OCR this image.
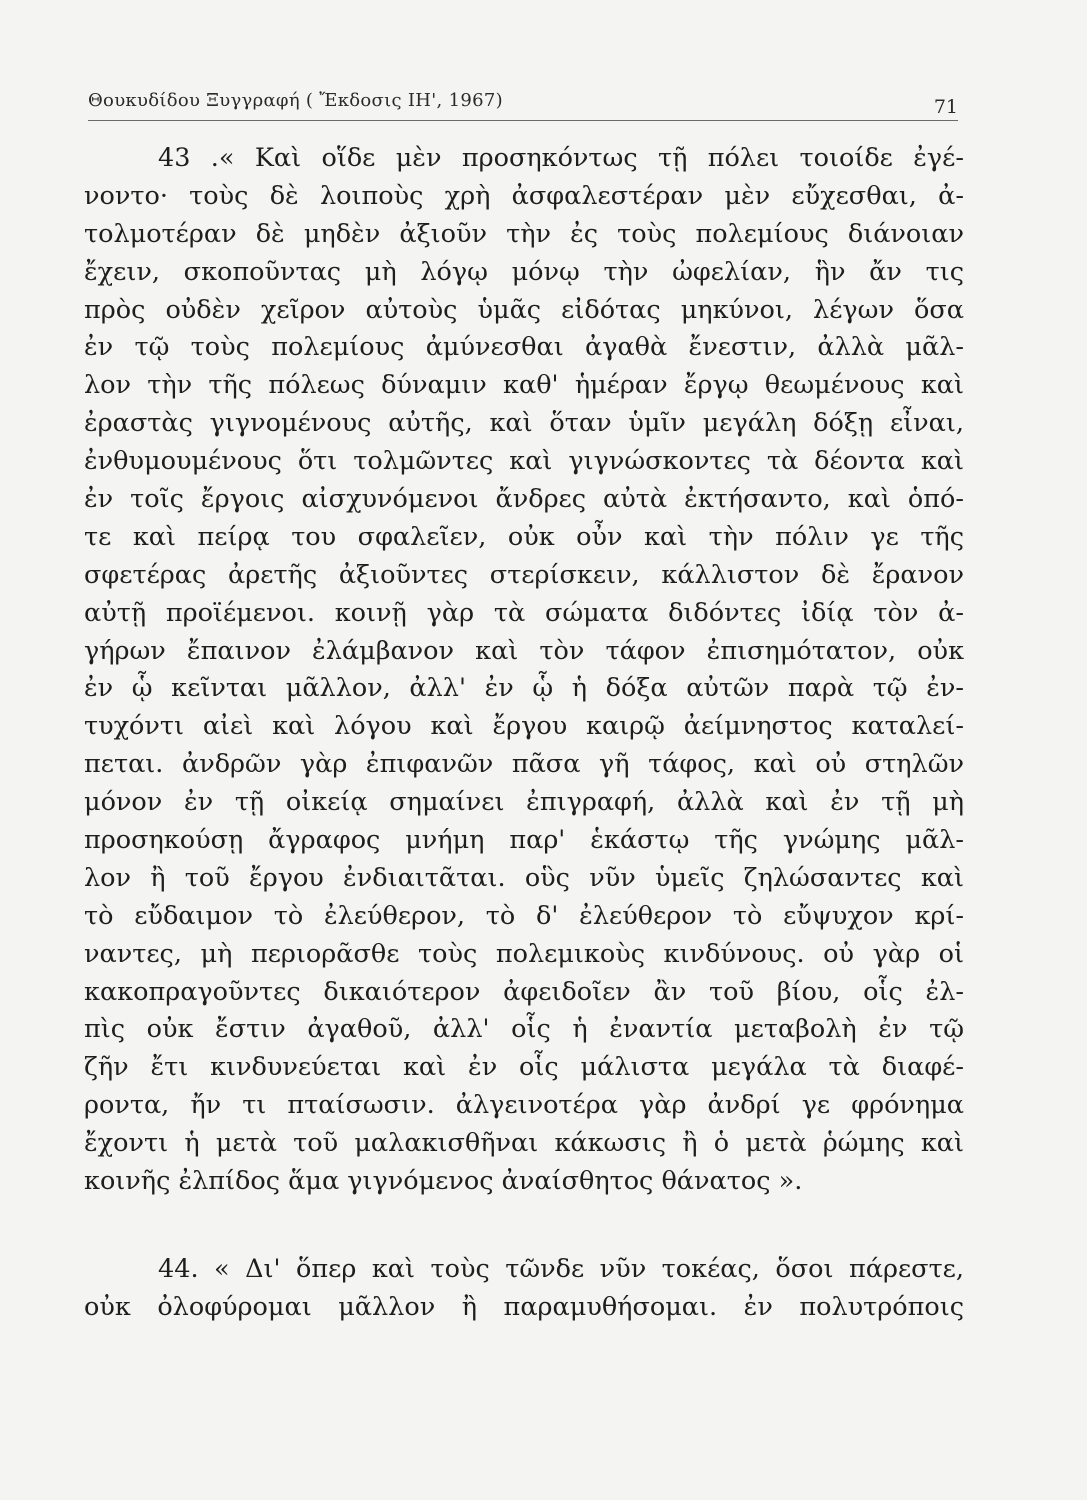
Θουκυδίδου Ξυγγραφή ( Ἔκδοσις ΙΗ', 1967)	71
43 .« Καὶ οἵδε μὲν προσηκόντως τῇ πόλει τοιοίδε ἐγέ-
νοντο· τοὺς δὲ λοιποὺς χρὴ ἀσφαλεστέραν μὲν εὔχεσθαι, ἀ-
τολμοτέραν δὲ μηδὲν ἀξιοῦν τὴν ἐς τοὺς πολεμίους διάνοιαν
ἔχειν, σκοποῦντας μὴ λόγῳ μόνῳ τὴν ὠφελίαν, ἣν ἄν τις
πρὸς οὐδὲν χεῖρον αὐτοὺς ὑμᾶς εἰδότας μηκύνοι, λέγων ὅσα
ἐν τῷ τοὺς πολεμίους ἀμύνεσθαι ἀγαθὰ ἔνεστιν, ἀλλὰ μᾶλ-
λον τὴν τῆς πόλεως δύναμιν καθ' ἡμέραν ἔργῳ θεωμένους καὶ
ἐραστὰς γιγνομένους αὐτῆς, καὶ ὅταν ὑμῖν μεγάλη δόξῃ εἶναι,
ἐνθυμουμένους ὅτι τολμῶντες καὶ γιγνώσκοντες τὰ δέοντα καὶ
ἐν τοῖς ἔργοις αἰσχυνόμενοι ἄνδρες αὐτὰ ἐκτήσαντο, καὶ ὁπό-
τε καὶ πείρᾳ του σφαλεῖεν, οὐκ οὖν καὶ τὴν πόλιν γε τῆς
σφετέρας ἀρετῆς ἀξιοῦντες στερίσκειν, κάλλιστον δὲ ἔρανον
αὐτῇ προϊέμενοι. κοινῇ γὰρ τὰ σώματα διδόντες ἰδίᾳ τὸν ἀ-
γήρων ἔπαινον ἐλάμβανον καὶ τὸν τάφον ἐπισημότατον, οὐκ
ἐν ᾧ κεῖνται μᾶλλον, ἀλλ' ἐν ᾧ ἡ δόξα αὐτῶν παρὰ τῷ ἐν-
τυχόντι αἰεὶ καὶ λόγου καὶ ἔργου καιρῷ ἀείμνηστος καταλεί-
πεται. ἀνδρῶν γὰρ ἐπιφανῶν πᾶσα γῆ τάφος, καὶ οὐ στηλῶν
μόνον ἐν τῇ οἰκείᾳ σημαίνει ἐπιγραφή, ἀλλὰ καὶ ἐν τῇ μὴ
προσηκούσῃ ἄγραφος μνήμη παρ' ἑκάστῳ τῆς γνώμης μᾶλ-
λον ἢ τοῦ ἔργου ἐνδιαιτᾶται. οὓς νῦν ὑμεῖς ζηλώσαντες καὶ
τὸ εὔδαιμον τὸ ἐλεύθερον, τὸ δ' ἐλεύθερον τὸ εὔψυχον κρί-
ναντες, μὴ περιορᾶσθε τοὺς πολεμικοὺς κινδύνους. οὐ γὰρ οἱ
κακοπραγοῦντες δικαιότερον ἀφειδοῖεν ἂν τοῦ βίου, οἷς ἐλ-
πὶς οὐκ ἔστιν ἀγαθοῦ, ἀλλ' οἷς ἡ ἐναντία μεταβολὴ ἐν τῷ
ζῆν ἔτι κινδυνεύεται καὶ ἐν οἷς μάλιστα μεγάλα τὰ διαφέ-
ροντα, ἤν τι πταίσωσιν. ἀλγεινοτέρα γὰρ ἀνδρί γε φρόνημα
ἔχοντι ἡ μετὰ τοῦ μαλακισθῆναι κάκωσις ἢ ὁ μετὰ ῥώμης καὶ
κοινῆς ἐλπίδος ἅμα γιγνόμενος ἀναίσθητος θάνατος ».
44. « Δι' ὅπερ καὶ τοὺς τῶνδε νῦν τοκέας, ὅσοι πάρεστε,
οὐκ ὀλοφύρομαι μᾶλλον ἢ παραμυθήσομαι. ἐν πολυτρόποις
